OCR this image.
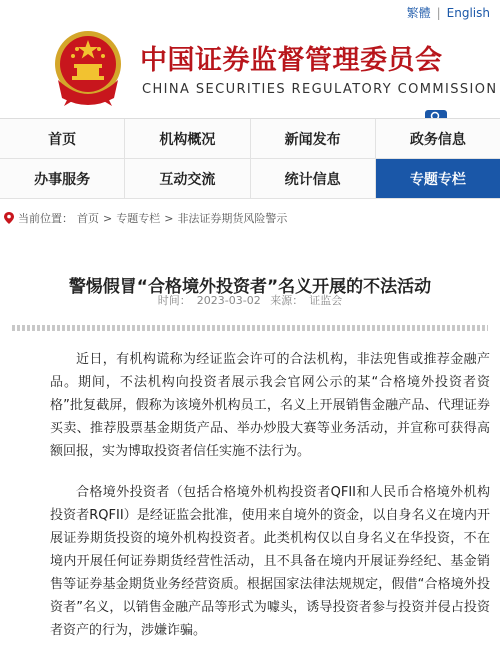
繁體 | English
中国证券监督管理委员会
CHINA SECURITIES REGULATORY COMMISSION
首页	机构概况	新闻发布	政务信息
办事服务	互动交流	统计信息	专题专栏
当前位置： 首页 > 专题专栏 > 非法证券期货风险警示
警惕假冒“合格境外投资者”名义开展的不法活动
时间： 2023-03-02 来源： 证监会

近日，有机构谎称为经证监会许可的合法机构，非法兜售或推荐金融产品。期间，不法机构向投资者展示我会官网公示的某“合格境外投资者资格”批复截屏，假称为该境外机构员工，名义上开展销售金融产品、代理证券买卖、推荐股票基金期货产品、举办炒股大赛等业务活动，并宣称可获得高额回报，实为博取投资者信任实施不法行为。

合格境外投资者（包括合格境外机构投资者QFII和人民币合格境外机构投资者RQFII）是经证监会批准，使用来自境外的资金，以自身名义在境内开展证券期货投资的境外机构投资者。此类机构仅以自身名义在华投资，不在境内开展任何证券期货经营性活动，且不具备在境内开展证券经纪、基金销售等证券基金期货业务经营资质。根据国家法律法规规定，假借“合格境外投资者”名义，以销售金融产品等形式为噱头，诱导投资者参与投资并侵占投资者资产的行为，涉嫌诈骗。
